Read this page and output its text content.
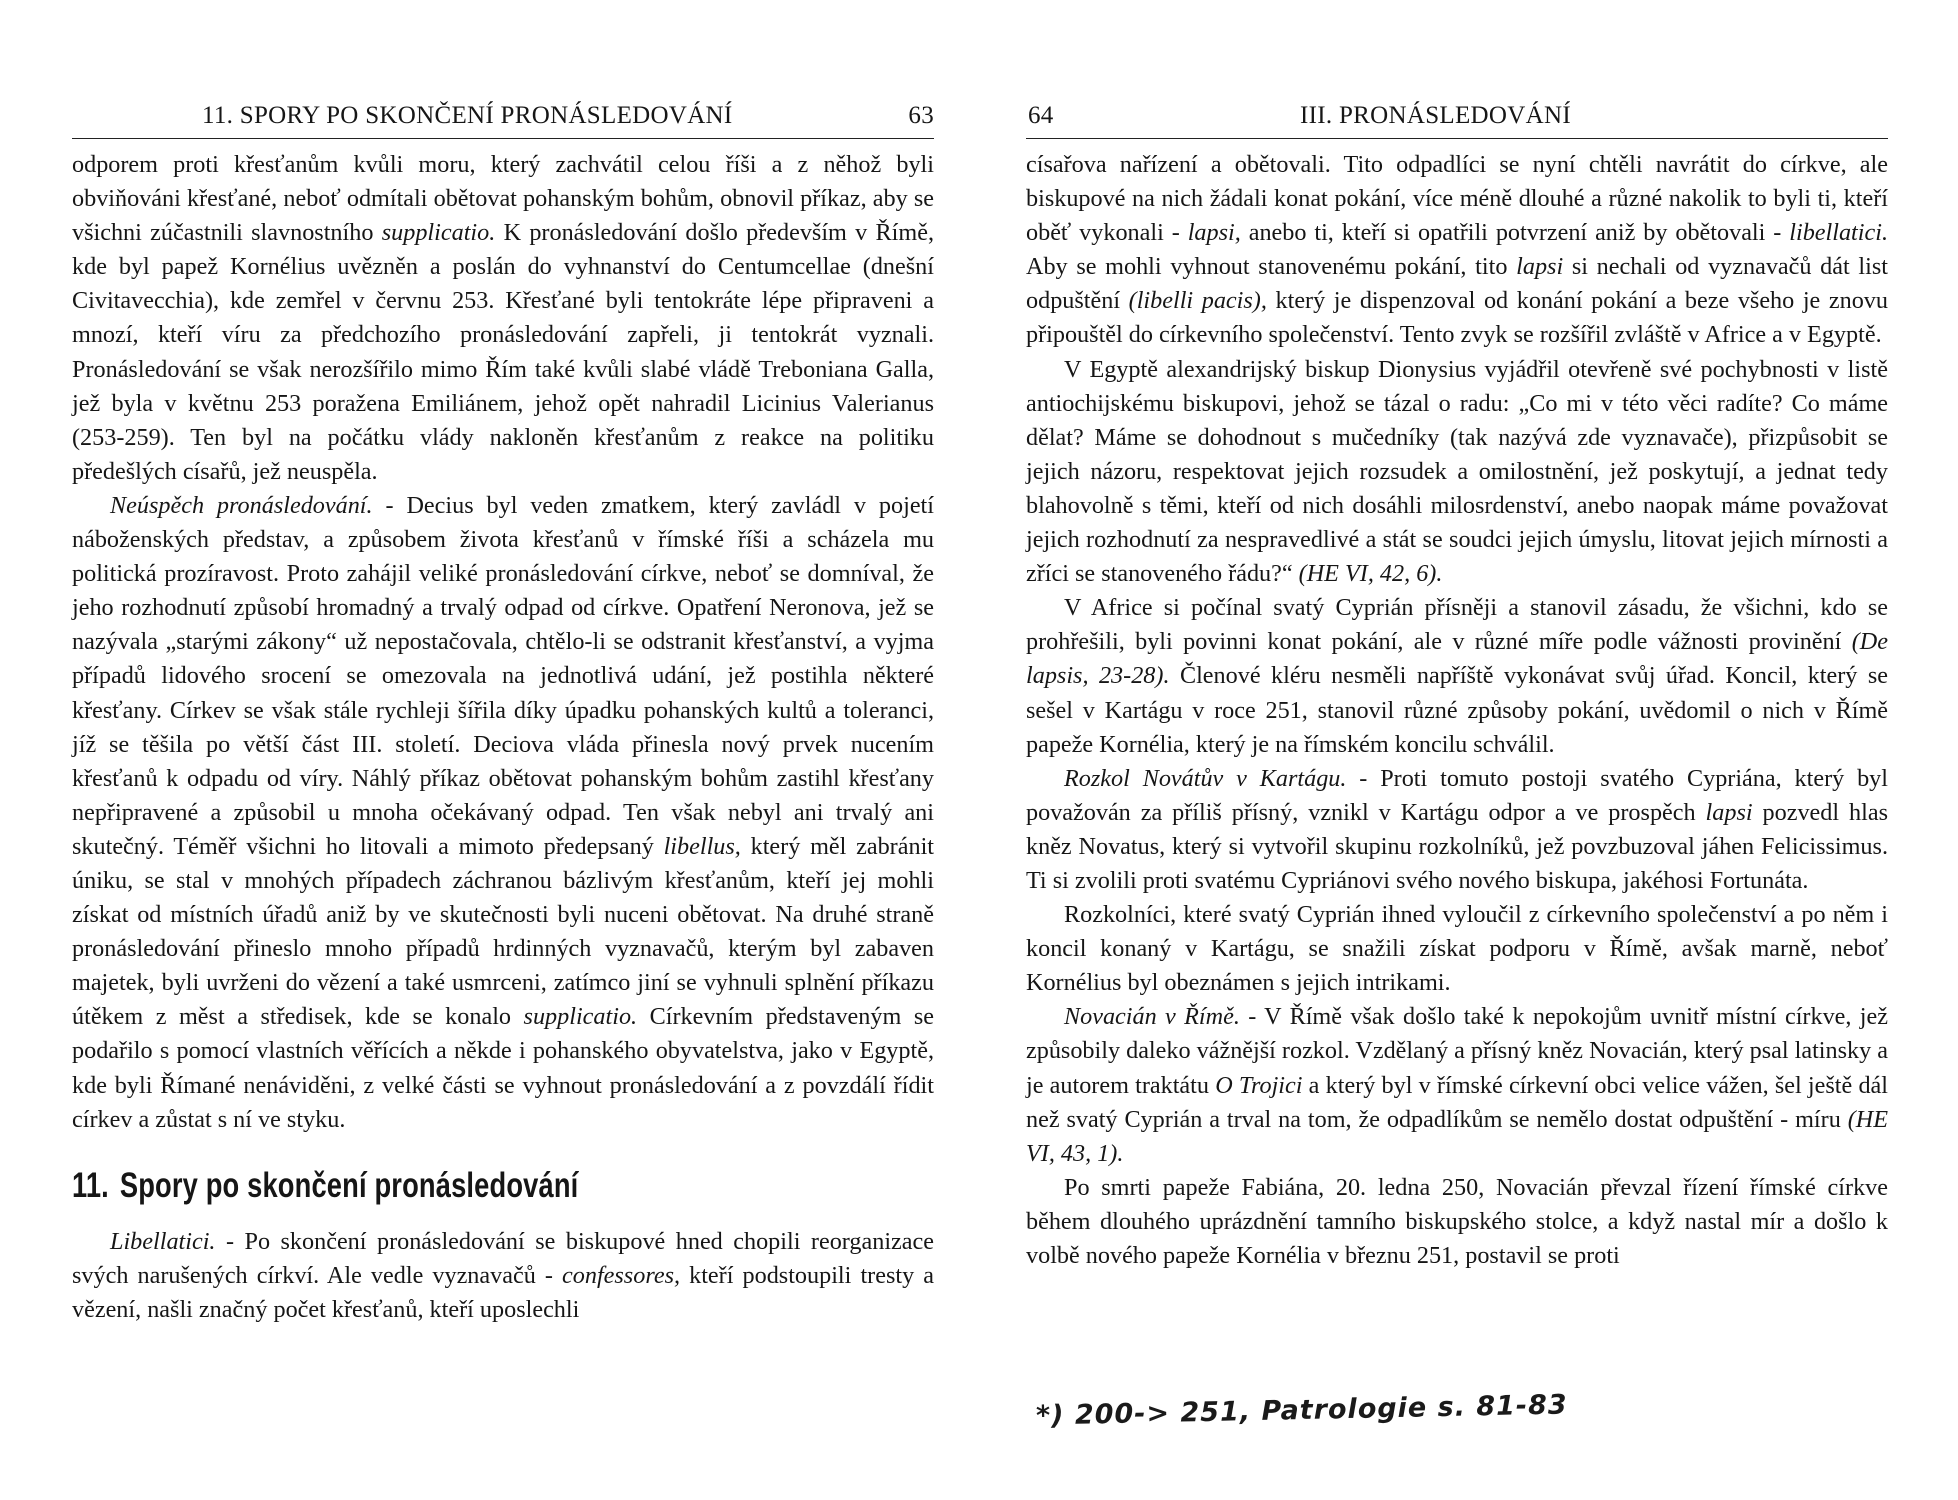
11. SPORY PO SKONČENÍ PRONÁSLEDOVÁNÍ	63

odporem proti křesťanům kvůli moru, který zachvátil celou říši a z něhož byli obviňováni křesťané, neboť odmítali obětovat pohanským bohům, obnovil příkaz, aby se všichni zúčastnili slavnostního supplicatio. K pronásledování došlo především v Římě, kde byl papež Kornélius uvězněn a poslán do vyhnanství do Centumcellae (dnešní Civitavecchia), kde zemřel v červnu 253. Křesťané byli tentokráte lépe připraveni a mnozí, kteří víru za předchozího pronásledování zapřeli, ji tentokrát vyznali. Pronásledování se však nerozšířilo mimo Řím také kvůli slabé vládě Treboniana Galla, jež byla v květnu 253 poražena Emiliánem, jehož opět nahradil Licinius Valerianus (253-259). Ten byl na počátku vlády nakloněn křesťanům z reakce na politiku předešlých císařů, jež neuspěla.

Neúspěch pronásledování. - Decius byl veden zmatkem, který zavládl v pojetí náboženských představ, a způsobem života křesťanů v římské říši a scházela mu politická prozíravost. Proto zahájil veliké pronásledování církve, neboť se domníval, že jeho rozhodnutí způsobí hromadný a trvalý odpad od církve. Opatření Neronova, jež se nazývala „starými zákony“ už nepostačovala, chtělo-li se odstranit křesťanství, a vyjma případů lidového srocení se omezovala na jednotlivá udání, jež postihla některé křesťany. Církev se však stále rychleji šířila díky úpadku pohanských kultů a toleranci, jíž se těšila po větší část III. století. Deciova vláda přinesla nový prvek nucením křesťanů k odpadu od víry. Náhlý příkaz obětovat pohanským bohům zastihl křesťany nepřipravené a způsobil u mnoha očekávaný odpad. Ten však nebyl ani trvalý ani skutečný. Téměř všichni ho litovali a mimoto předepsaný libellus, který měl zabránit úniku, se stal v mnohých případech záchranou bázlivým křesťanům, kteří jej mohli získat od místních úřadů aniž by ve skutečnosti byli nuceni obětovat. Na druhé straně pronásledování přineslo mnoho případů hrdinných vyznavačů, kterým byl zabaven majetek, byli uvrženi do vězení a také usmrceni, zatímco jiní se vyhnuli splnění příkazu útěkem z měst a středisek, kde se konalo supplicatio. Církevním představeným se podařilo s pomocí vlastních věřících a někde i pohanského obyvatelstva, jako v Egyptě, kde byli Římané nenáviděni, z velké části se vyhnout pronásledování a z povzdálí řídit církev a zůstat s ní ve styku.

11. Spory po skončení pronásledování

Libellatici. - Po skončení pronásledování se biskupové hned chopili reorganizace svých narušených církví. Ale vedle vyznavačů - confessores, kteří podstoupili tresty a vězení, našli značný počet křesťanů, kteří uposlechli

64	III. PRONÁSLEDOVÁNÍ

císařova nařízení a obětovali. Tito odpadlíci se nyní chtěli navrátit do církve, ale biskupové na nich žádali konat pokání, více méně dlouhé a různé nakolik to byli ti, kteří oběť vykonali - lapsi, anebo ti, kteří si opatřili potvrzení aniž by obětovali - libellatici. Aby se mohli vyhnout stanovenému pokání, tito lapsi si nechali od vyznavačů dát list odpuštění (libelli pacis), který je dispenzoval od konání pokání a beze všeho je znovu připouštěl do církevního společenství. Tento zvyk se rozšířil zvláště v Africe a v Egyptě.

V Egyptě alexandrijský biskup Dionysius vyjádřil otevřeně své pochybnosti v listě antiochijskému biskupovi, jehož se tázal o radu: „Co mi v této věci radíte? Co máme dělat? Máme se dohodnout s mučedníky (tak nazývá zde vyznavače), přizpůsobit se jejich názoru, respektovat jejich rozsudek a omilostnění, jež poskytují, a jednat tedy blahovolně s těmi, kteří od nich dosáhli milosrdenství, anebo naopak máme považovat jejich rozhodnutí za nespravedlivé a stát se soudci jejich úmyslu, litovat jejich mírnosti a zříci se stanoveného řádu?“ (HE VI, 42, 6).

V Africe si počínal svatý Cyprián přísněji a stanovil zásadu, že všichni, kdo se prohřešili, byli povinni konat pokání, ale v různé míře podle vážnosti provinění (De lapsis, 23-28). Členové kléru nesměli napříště vykonávat svůj úřad. Koncil, který se sešel v Kartágu v roce 251, stanovil různé způsoby pokání, uvědomil o nich v Římě papeže Kornélia, který je na římském koncilu schválil.

Rozkol Novátův v Kartágu. - Proti tomuto postoji svatého Cypriána, který byl považován za příliš přísný, vznikl v Kartágu odpor a ve prospěch lapsi pozvedl hlas kněz Novatus, který si vytvořil skupinu rozkolníků, jež povzbuzoval jáhen Felicissimus. Ti si zvolili proti svatému Cypriánovi svého nového biskupa, jakéhosi Fortunáta.

Rozkolníci, které svatý Cyprián ihned vyloučil z církevního společenství a po něm i koncil konaný v Kartágu, se snažili získat podporu v Římě, avšak marně, neboť Kornélius byl obeznámen s jejich intrikami.

Novacián v Římě. - V Římě však došlo také k nepokojům uvnitř místní církve, jež způsobily daleko vážnější rozkol. Vzdělaný a přísný kněz Novacián, který psal latinsky a je autorem traktátu O Trojici a který byl v římské církevní obci velice vážen, šel ještě dál než svatý Cyprián a trval na tom, že odpadlíkům se nemělo dostat odpuštění - míru (HE VI, 43, 1).

Po smrti papeže Fabiána, 20. ledna 250, Novacián převzal řízení římské církve během dlouhého uprázdnění tamního biskupského stolce, a když nastal mír a došlo k volbě nového papeže Kornélia v březnu 251, postavil se proti

*) 200-> 251, Patrologie s. 81-83
